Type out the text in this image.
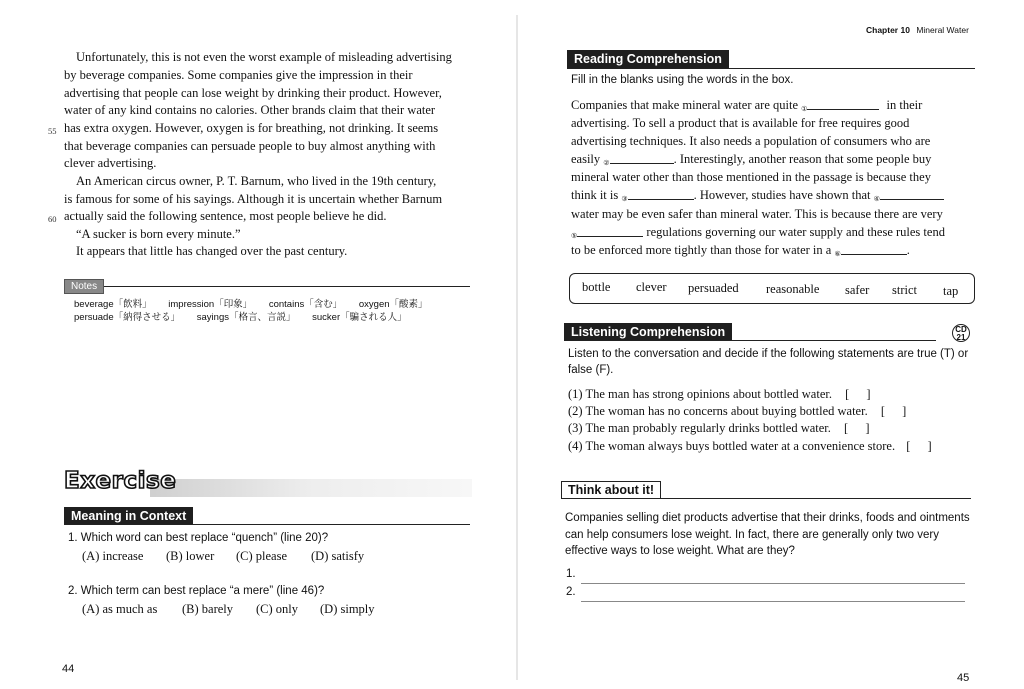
Unfortunately, this is not even the worst example of misleading advertising
by beverage companies. Some companies give the impression in their
advertising that people can lose weight by drinking their product. However,
water of any kind contains no calories. Other brands claim that their water
has extra oxygen. However, oxygen is for breathing, not drinking. It seems
that beverage companies can persuade people to buy almost anything with
clever advertising.
An American circus owner, P. T. Barnum, who lived in the 19th century,
is famous for some of his sayings. Although it is uncertain whether Barnum
actually said the following sentence, most people believe he did.
“A sucker is born every minute.”
It appears that little has changed over the past century.
55
60
Notes
beverage「飲料」 impression「印象」 contains「含む」 oxygen「酸素」
persuade「納得させる」 sayings「格言、言説」 sucker「騙される人」
Exercise
Meaning in Context
1. Which word can best replace “quench” (line 20)?
(A) increase (B) lower (C) please (D) satisfy
2. Which term can best replace “a mere” (line 46)?
(A) as much as (B) barely (C) only (D) simply
44
Chapter 10 Mineral Water
Reading Comprehension
Fill in the blanks using the words in the box.
Companies that make mineral water are quite $_①$	in their
advertising. To sell a product that is available for free requires good
advertising techniques. It also needs a population of consumers who are
easily $_②$	. Interestingly, another reason that some people buy
mineral water other than those mentioned in the passage is because they
think it is $_③$	. However, studies have shown that $_④$
water may be even safer than mineral water. This is because there are very
$_⑤$	regulations governing our water supply and these rules tend
to be enforced more tightly than those for water in a $_⑥$	.
bottle clever persuaded reasonable safer strict tap
Listening Comprehension	CD
21
Listen to the conversation and decide if the following statements are true (T) or
false (F).
(1) The man has strong opinions about bottled water. [ ]
(2) The woman has no concerns about buying bottled water. [ ]
(3) The man probably regularly drinks bottled water. [ ]
(4) The woman always buys bottled water at a convenience store. [ ]
Think about it!
Companies selling diet products advertise that their drinks, foods and ointments
can help consumers lose weight. In fact, there are generally only two very
effective ways to lose weight. What are they?
1.
2.
45
